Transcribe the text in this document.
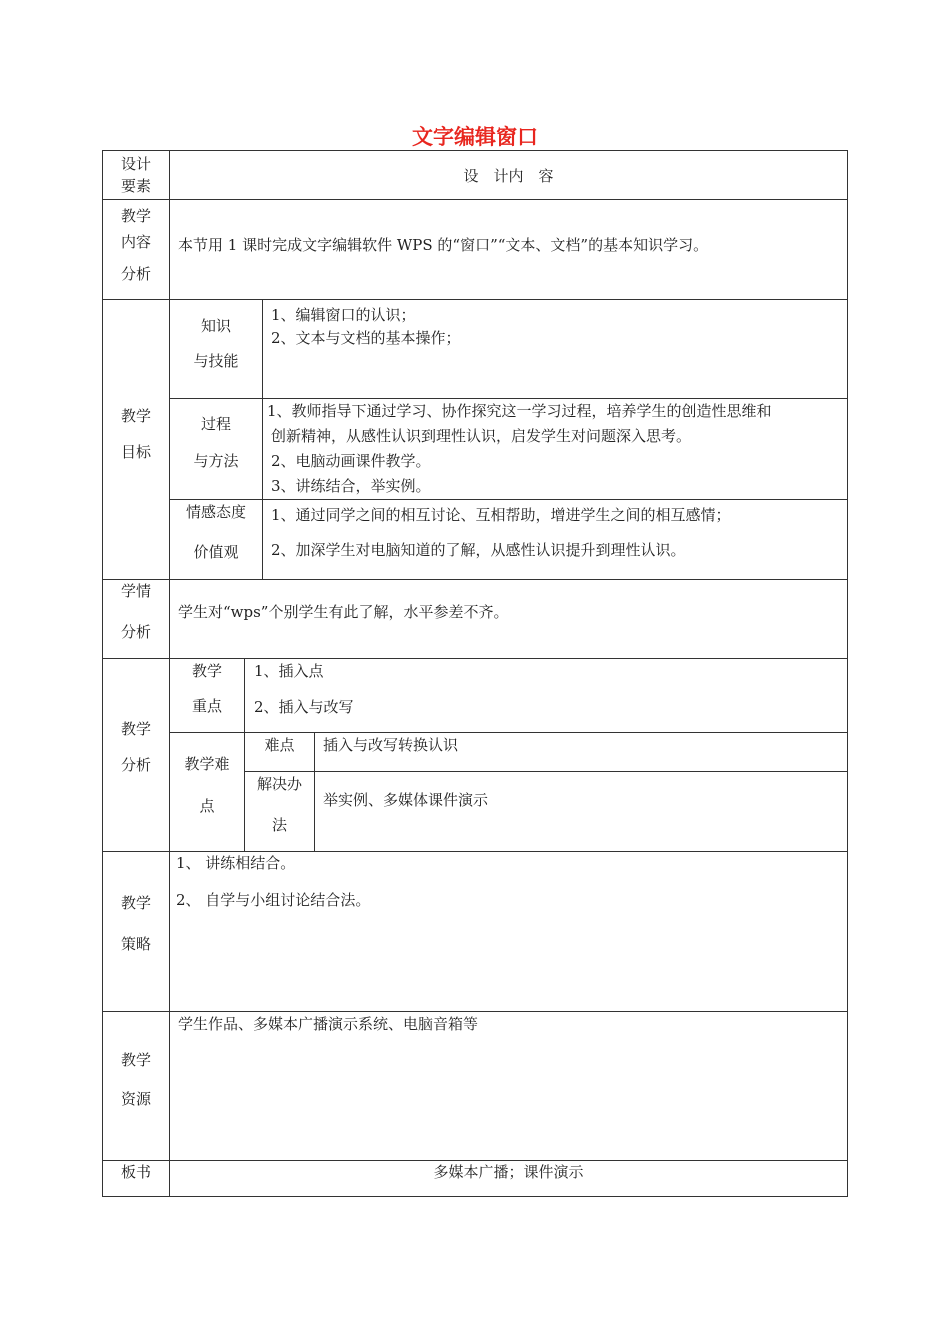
文字编辑窗口
设计
要素
设　计内　容
教学
内容
分析
本节用 1 课时完成文字编辑软件 WPS 的“窗口”“文本、文档”的基本知识学习。
教学
目标
知识
与技能
1、编辑窗口的认识；
2、文本与文档的基本操作；
过程
与方法
1、教师指导下通过学习、协作探究这一学习过程，培养学生的创造性思维和
创新精神，从感性认识到理性认识，启发学生对问题深入思考。
2、电脑动画课件教学。
3、讲练结合，举实例。
情感态度
价值观
1、通过同学之间的相互讨论、互相帮助，增进学生之间的相互感情；
2、加深学生对电脑知道的了解，从感性认识提升到理性认识。
学情
分析
学生对“wps”个别学生有此了解，水平参差不齐。
教学
分析
教学
重点
1、插入点
2、插入与改写
教学难
点
难点	插入与改写转换认识
解决办
法
举实例、多媒体课件演示
教学
策略
1、 讲练相结合。
2、 自学与小组讨论结合法。
教学
资源
学生作品、多媒本广播演示系统、电脑音箱等
板书	多媒本广播；课件演示
